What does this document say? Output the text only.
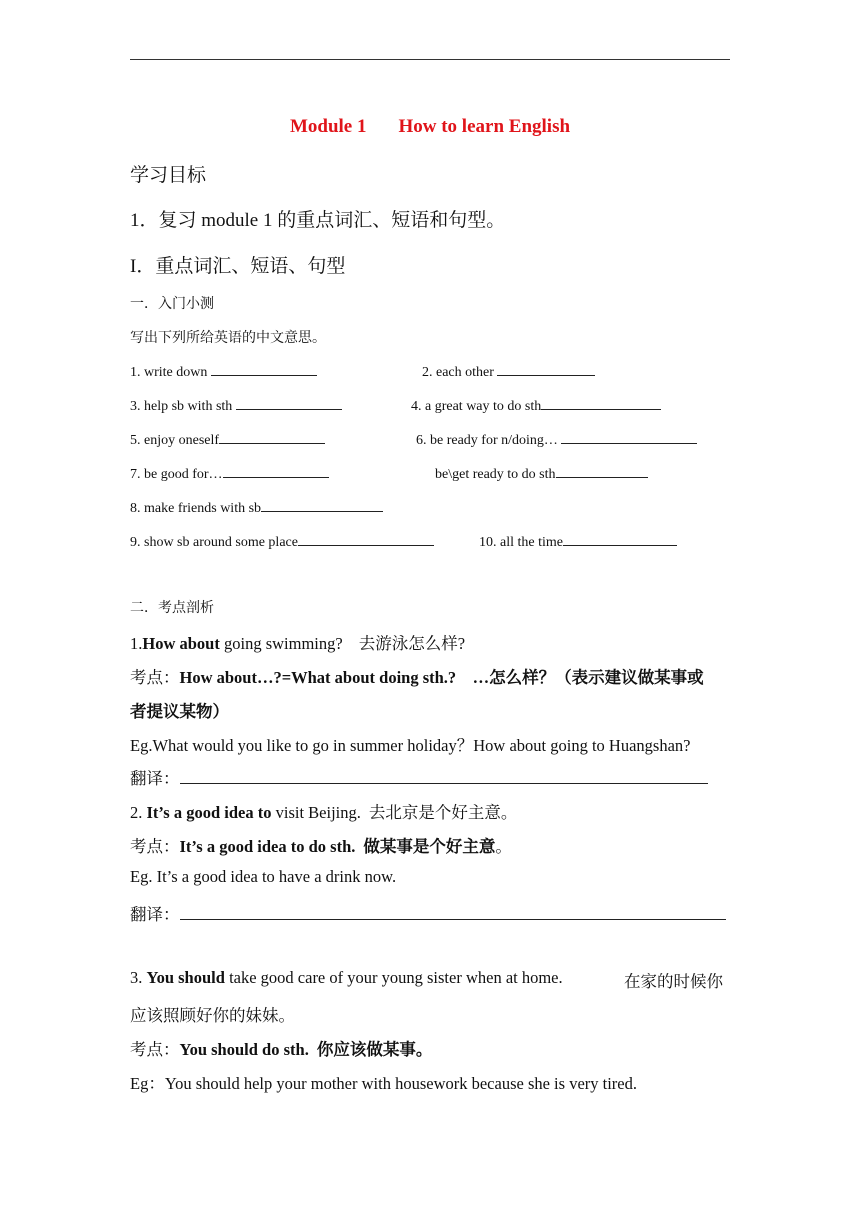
Module 1 How to learn English
学习目标
1．复习 module 1 的重点词汇、短语和句型。
I．重点词汇、短语、句型
一．入门小测
写出下列所给英语的中文意思。
1. write down	2. each other
3. help sb with sth	4. a great way to do sth
5. enjoy oneself	6. be ready for n/doing…
7. be good for…	be\get ready to do sth
8. make friends with sb
9. show sb around some place	10. all the time
二．考点剖析
1.How about going swimming? 去游泳怎么样?
考点：How about…?=What about doing sth.?　…怎么样？（表示建议做某事或
者提议某物）
Eg.What would you like to go in summer holiday？How about going to Huangshan?
翻译：
2. It’s a good idea to visit Beijing. 去北京是个好主意。
考点：It’s a good idea to do sth. 做某事是个好主意。
Eg. It’s a good idea to have a drink now.
翻译：
3. You should take good care of your young sister when at home.	在家的时候你
应该照顾好你的妹妹。
考点：You should do sth. 你应该做某事。
Eg：You should help your mother with housework because she is very tired.
